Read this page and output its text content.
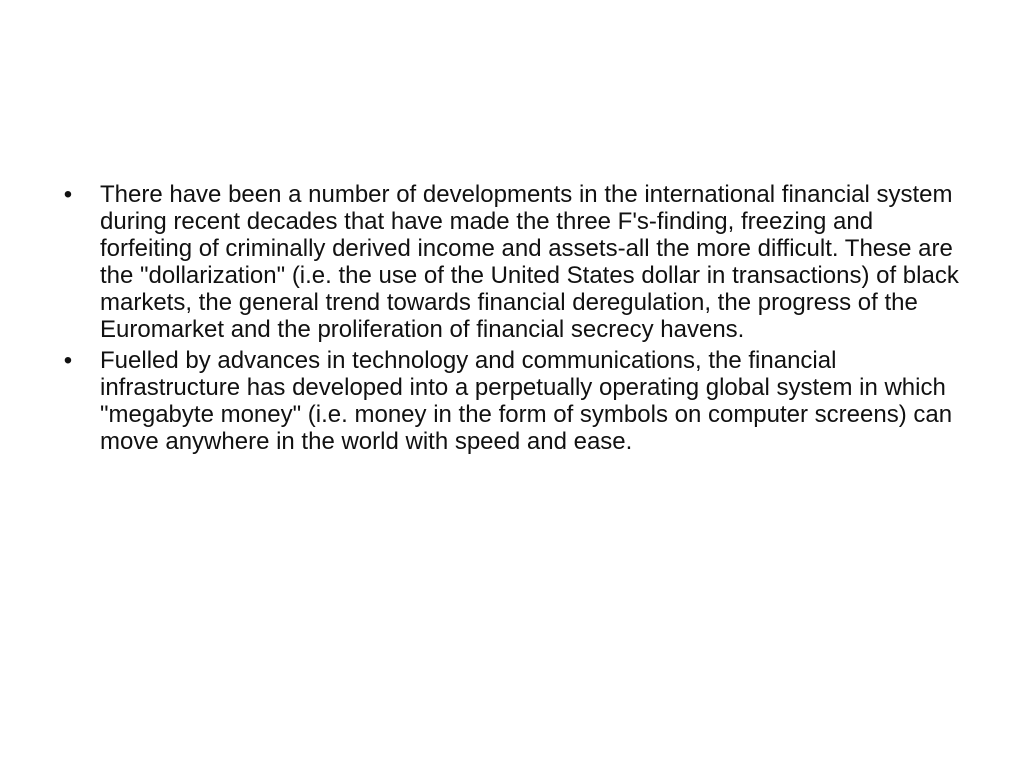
• There have been a number of developments in the international financial system during recent decades that have made the three F's-finding, freezing and forfeiting of criminally derived income and assets-all the more difficult. These are the "dollarization" (i.e. the use of the United States dollar in transactions) of black markets, the general trend towards financial deregulation, the progress of the Euromarket and the proliferation of financial secrecy havens.
• Fuelled by advances in technology and communications, the financial infrastructure has developed into a perpetually operating global system in which "megabyte money" (i.e. money in the form of symbols on computer screens) can move anywhere in the world with speed and ease.
